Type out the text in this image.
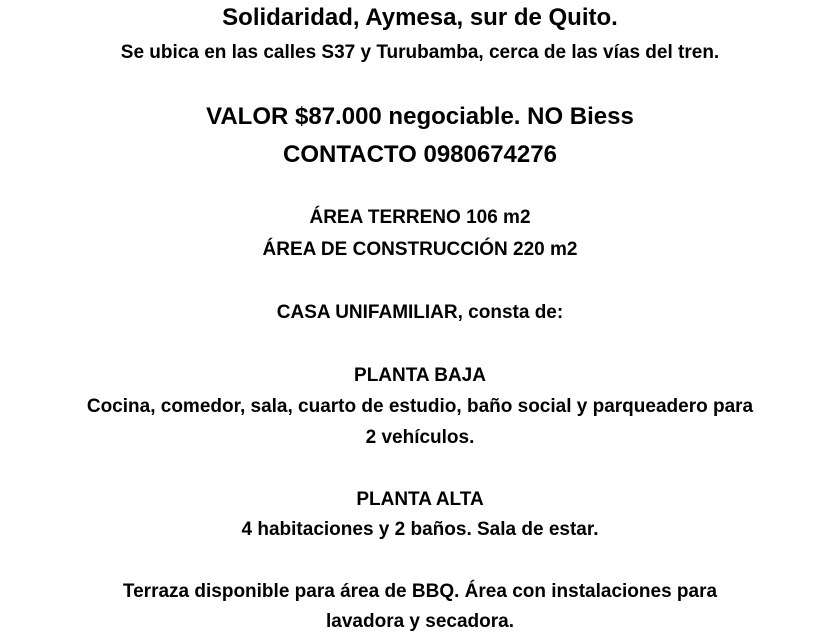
Solidaridad, Aymesa, sur de Quito.
Se ubica en las calles S37 y Turubamba, cerca de las vías del tren.
VALOR $87.000 negociable. NO Biess
CONTACTO 0980674276
ÁREA TERRENO 106 m2
ÁREA DE CONSTRUCCIÓN 220 m2
CASA UNIFAMILIAR, consta de:
PLANTA BAJA
Cocina, comedor, sala, cuarto de estudio, baño social y parqueadero para
2 vehículos.
PLANTA ALTA
4 habitaciones y 2 baños. Sala de estar.
Terraza disponible para área de BBQ. Área con instalaciones para
lavadora y secadora.
